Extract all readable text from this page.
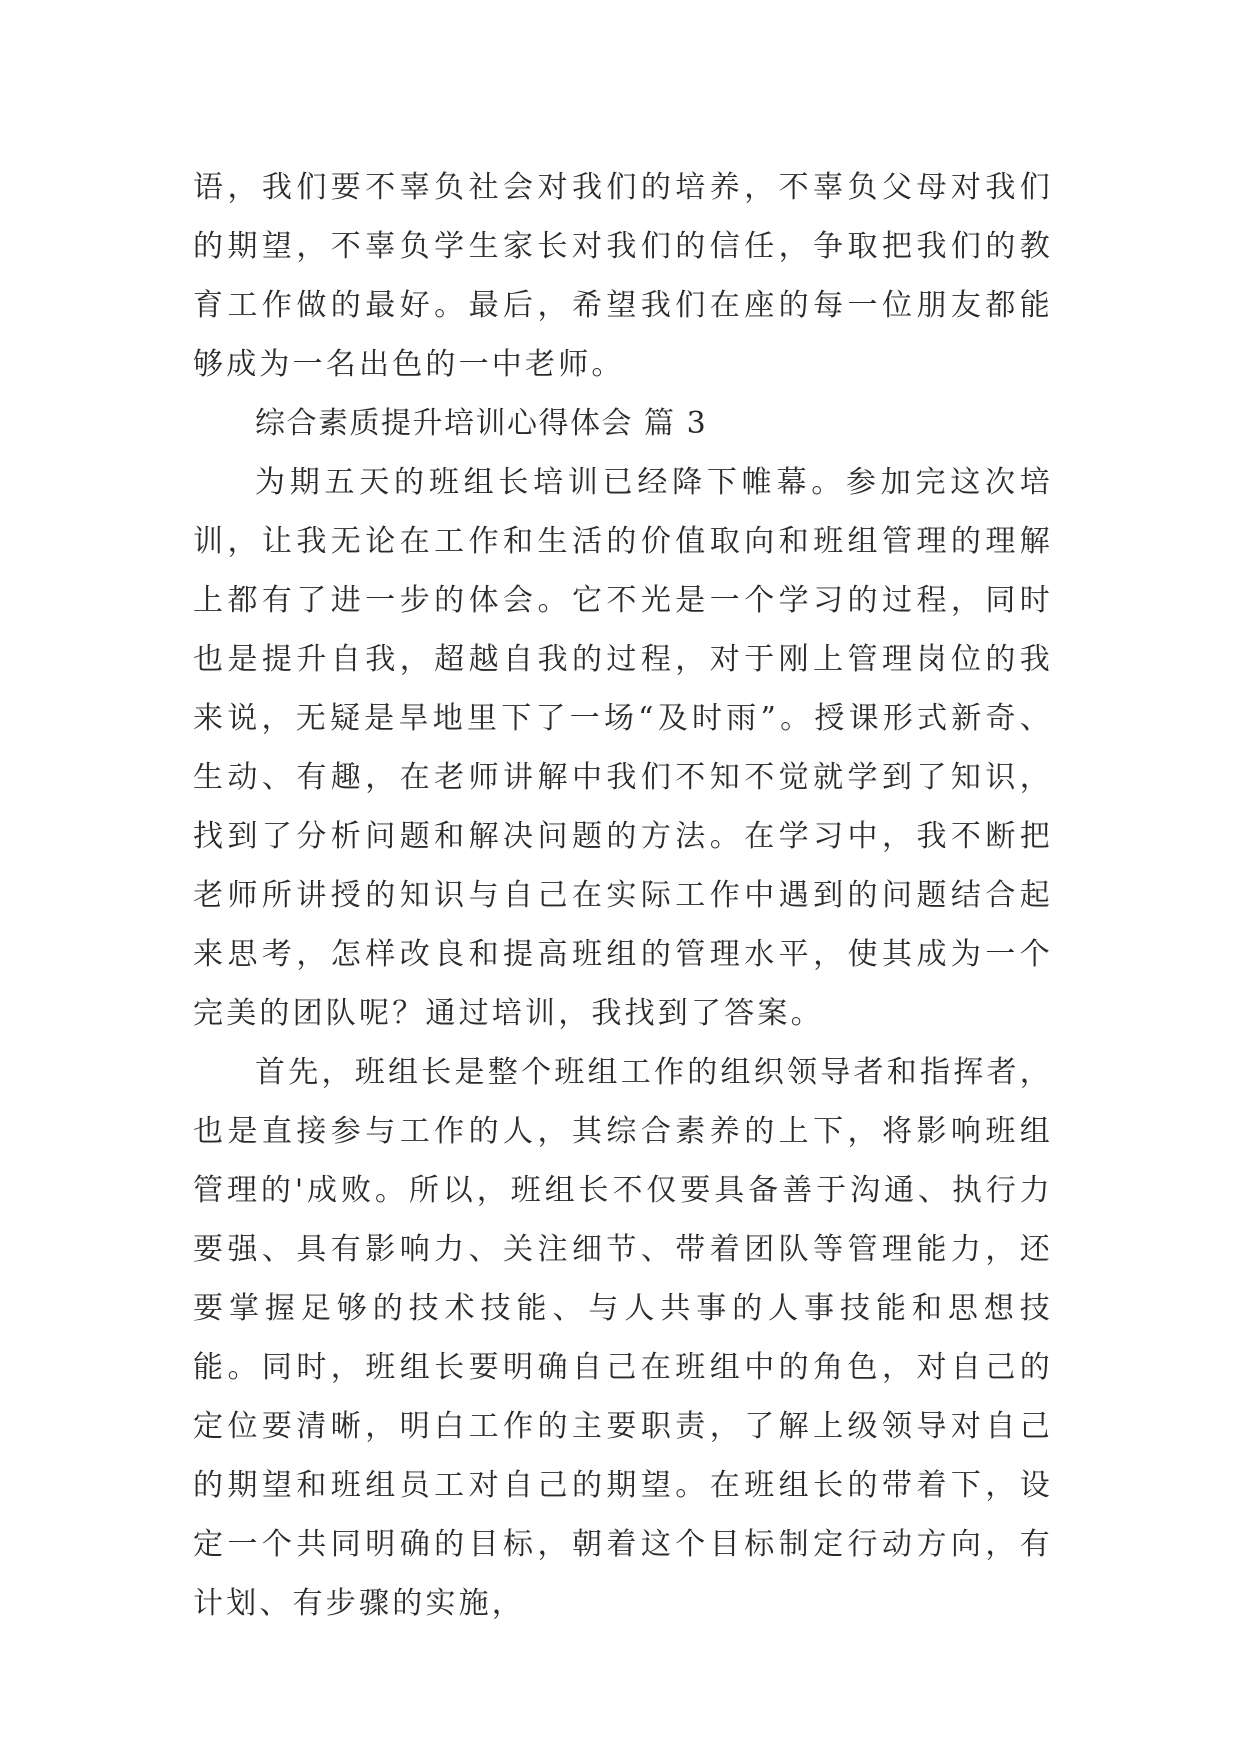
语，我们要不辜负社会对我们的培养，不辜负父母对我们的期望，不辜负学生家长对我们的信任，争取把我们的教育工作做的最好。最后，希望我们在座的每一位朋友都能够成为一名出色的一中老师。

综合素质提升培训心得体会 篇 3

为期五天的班组长培训已经降下帷幕。参加完这次培训，让我无论在工作和生活的价值取向和班组管理的理解上都有了进一步的体会。它不光是一个学习的过程，同时也是提升自我，超越自我的过程，对于刚上管理岗位的我来说，无疑是旱地里下了一场“及时雨”。授课形式新奇、生动、有趣，在老师讲解中我们不知不觉就学到了知识，找到了分析问题和解决问题的方法。在学习中，我不断把老师所讲授的知识与自己在实际工作中遇到的问题结合起来思考，怎样改良和提高班组的管理水平，使其成为一个完美的团队呢？通过培训，我找到了答案。

首先，班组长是整个班组工作的组织领导者和指挥者，也是直接参与工作的人，其综合素养的上下，将影响班组管理的'成败。所以，班组长不仅要具备善于沟通、执行力要强、具有影响力、关注细节、带着团队等管理能力，还要掌握足够的技术技能、与人共事的人事技能和思想技能。同时，班组长要明确自己在班组中的角色，对自己的定位要清晰，明白工作的主要职责，了解上级领导对自己的期望和班组员工对自己的期望。在班组长的带着下，设定一个共同明确的目标，朝着这个目标制定行动方向，有计划、有步骤的实施，
